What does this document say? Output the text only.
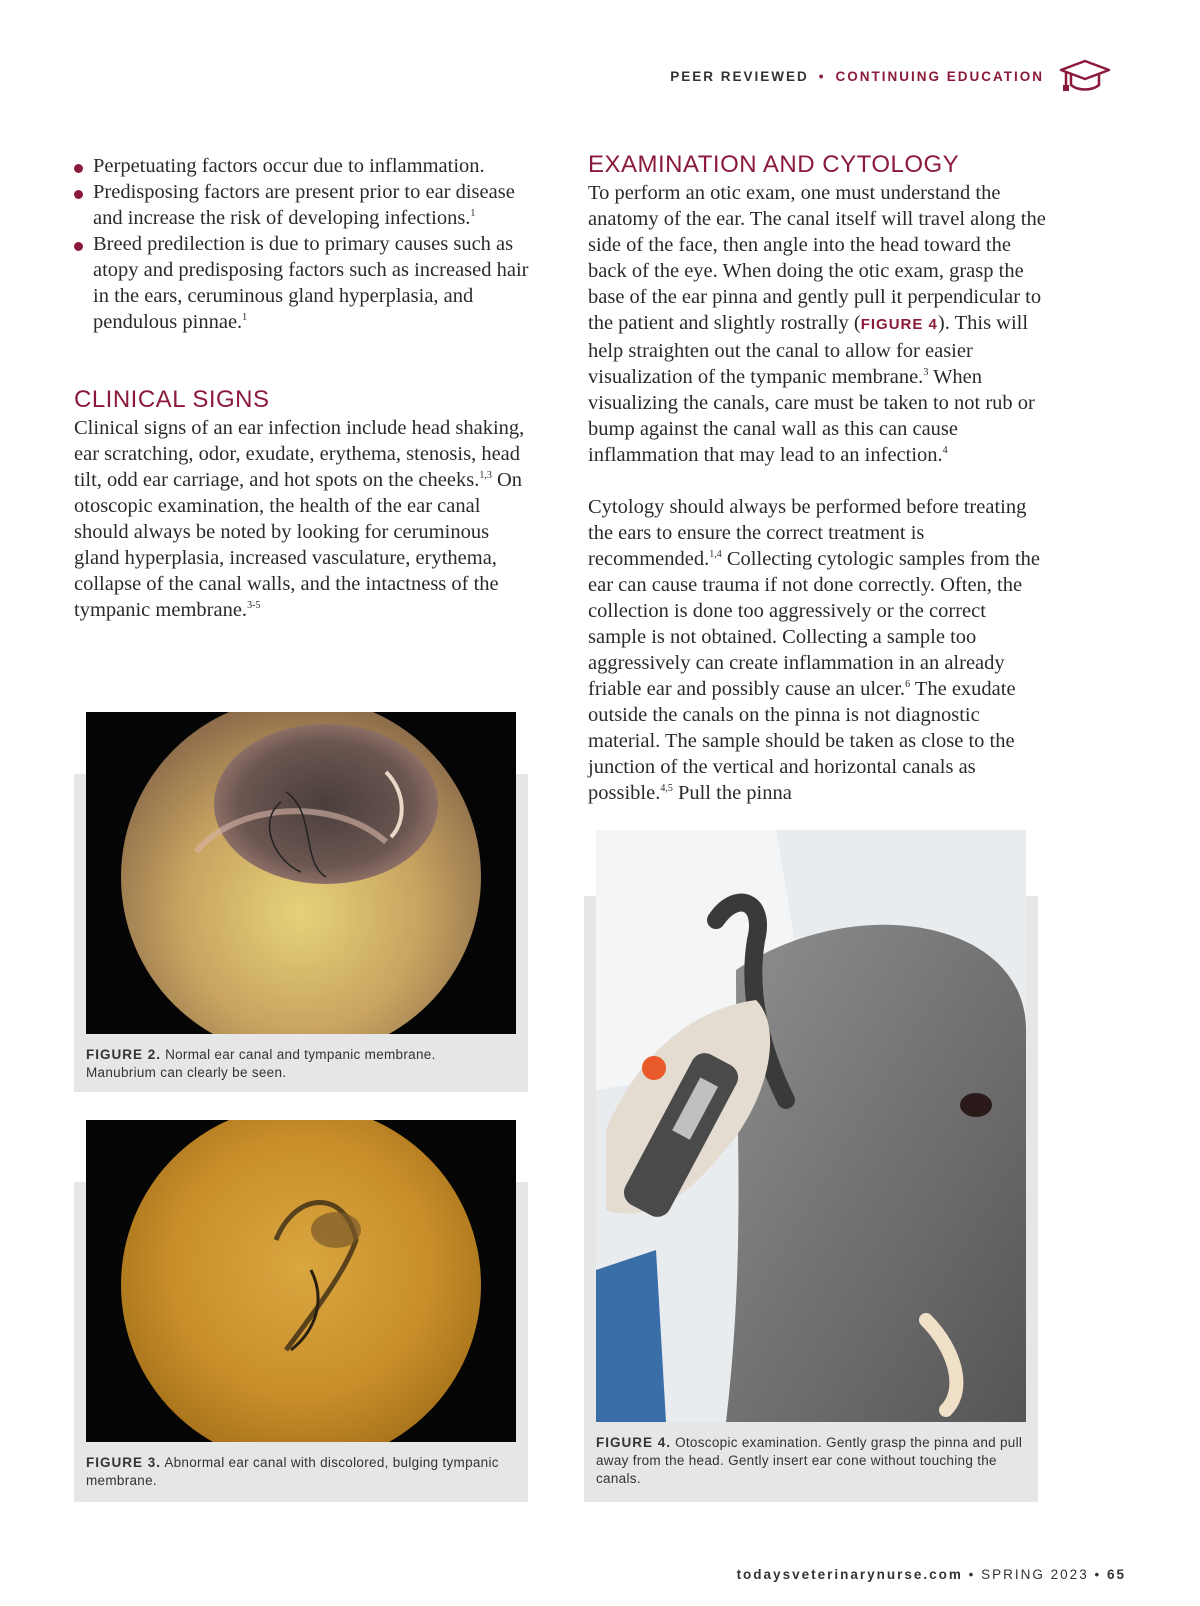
PEER REVIEWED • CONTINUING EDUCATION
Perpetuating factors occur due to inflammation.
Predisposing factors are present prior to ear disease and increase the risk of developing infections.$^1$
Breed predilection is due to primary causes such as atopy and predisposing factors such as increased hair in the ears, ceruminous gland hyperplasia, and pendulous pinnae.$^1$
CLINICAL SIGNS

Clinical signs of an ear infection include head shaking, ear scratching, odor, exudate, erythema, stenosis, head tilt, odd ear carriage, and hot spots on the cheeks.$^{1,3}$ On otoscopic examination, the health of the ear canal should always be noted by looking for ceruminous gland hyperplasia, increased vasculature, erythema, collapse of the canal walls, and the intactness of the tympanic membrane.$^{3-5}$

EXAMINATION AND CYTOLOGY

To perform an otic exam, one must understand the anatomy of the ear. The canal itself will travel along the side of the face, then angle into the head toward the back of the eye. When doing the otic exam, grasp the base of the ear pinna and gently pull it perpendicular to the patient and slightly rostrally (FIGURE 4). This will help straighten out the canal to allow for easier visualization of the tympanic membrane.$^3$ When visualizing the canals, care must be taken to not rub or bump against the canal wall as this can cause inflammation that may lead to an infection.$^4$

Cytology should always be performed before treating the ears to ensure the correct treatment is recommended.$^{1,4}$ Collecting cytologic samples from the ear can cause trauma if not done correctly. Often, the collection is done too aggressively or the correct sample is not obtained. Collecting a sample too aggressively can create inflammation in an already friable ear and possibly cause an ulcer.$^6$ The exudate outside the canals on the pinna is not diagnostic material. The sample should be taken as close to the junction of the vertical and horizontal canals as possible.$^{4,5}$ Pull the pinna

FIGURE 2. Normal ear canal and tympanic membrane. Manubrium can clearly be seen.
FIGURE 3. Abnormal ear canal with discolored, bulging tympanic membrane.
FIGURE 4. Otoscopic examination. Gently grasp the pinna and pull away from the head. Gently insert ear cone without touching the canals.
todaysveterinarynurse.com • SPRING 2023 • 65
